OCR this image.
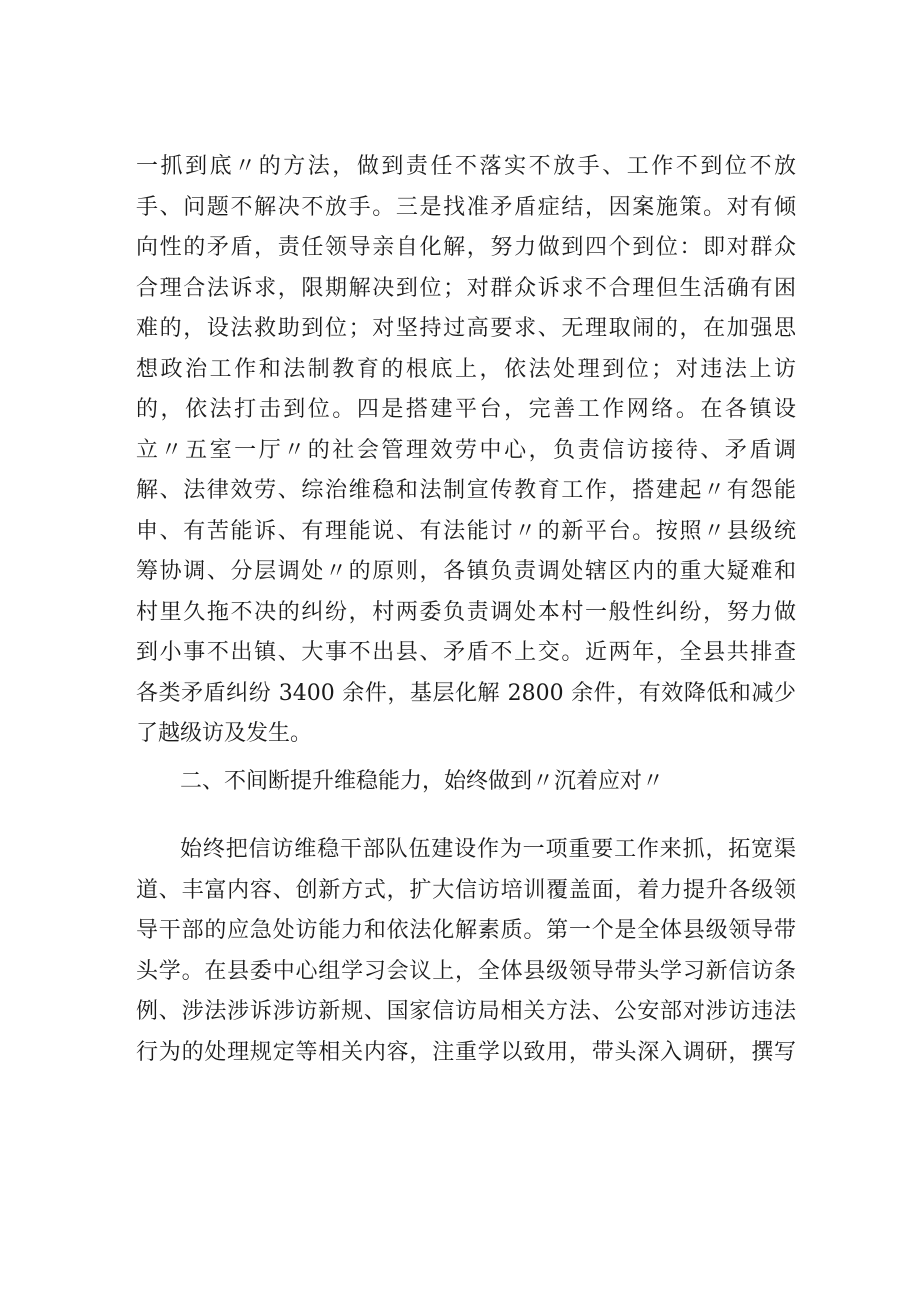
一抓到底〃的方法，做到责任不落实不放手、工作不到位不放
手、问题不解决不放手。三是找准矛盾症结，因案施策。对有倾
向性的矛盾，责任领导亲自化解，努力做到四个到位：即对群众
合理合法诉求，限期解决到位；对群众诉求不合理但生活确有困
难的，设法救助到位；对坚持过高要求、无理取闹的，在加强思
想政治工作和法制教育的根底上，依法处理到位；对违法上访
的，依法打击到位。四是搭建平台，完善工作网络。在各镇设
立〃五室一厅〃的社会管理效劳中心，负责信访接待、矛盾调
解、法律效劳、综治维稳和法制宣传教育工作，搭建起〃有怨能
申、有苦能诉、有理能说、有法能讨〃的新平台。按照〃县级统
筹协调、分层调处〃的原则，各镇负责调处辖区内的重大疑难和
村里久拖不决的纠纷，村两委负责调处本村一般性纠纷，努力做
到小事不出镇、大事不出县、矛盾不上交。近两年，全县共排查
各类矛盾纠纷 3400 余件，基层化解 2800 余件，有效降低和减少
了越级访及发生。
二、不间断提升维稳能力，始终做到〃沉着应对〃
始终把信访维稳干部队伍建设作为一项重要工作来抓，拓宽渠
道、丰富内容、创新方式，扩大信访培训覆盖面，着力提升各级领
导干部的应急处访能力和依法化解素质。第一个是全体县级领导带
头学。在县委中心组学习会议上，全体县级领导带头学习新信访条
例、涉法涉诉涉访新规、国家信访局相关方法、公安部对涉访违法
行为的处理规定等相关内容，注重学以致用，带头深入调研，撰写
